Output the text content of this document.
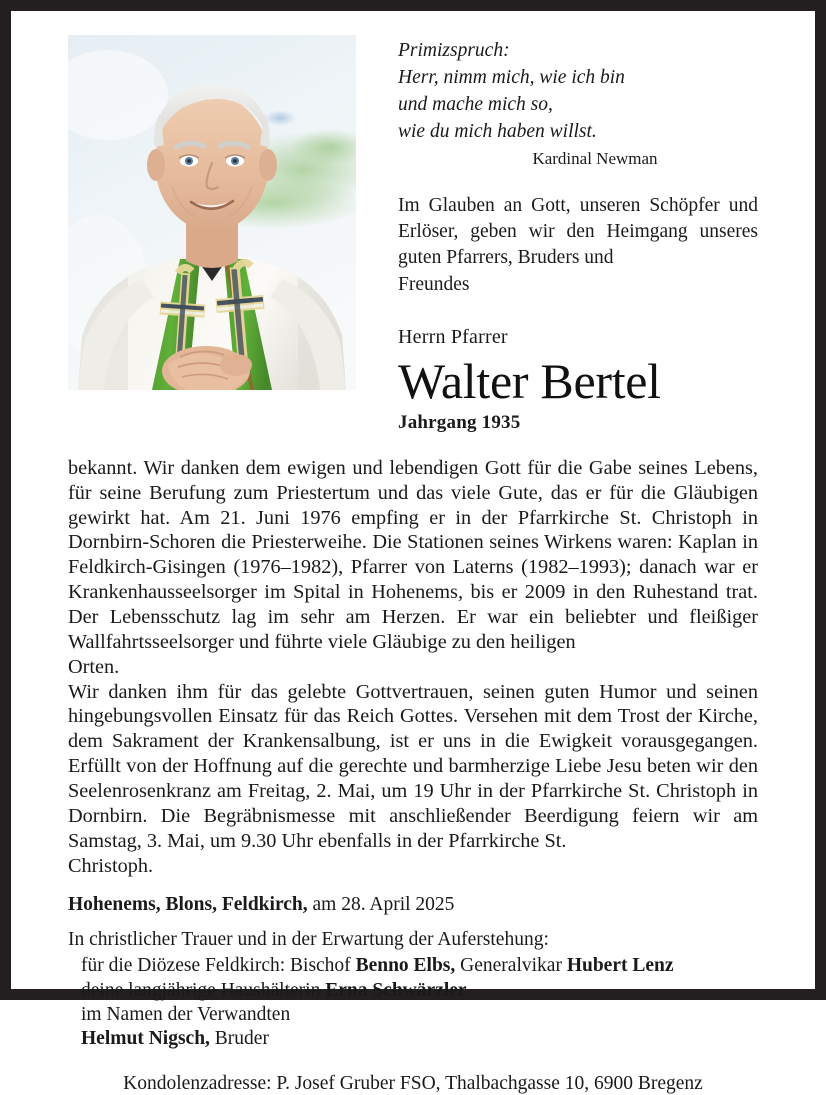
Primizspruch:
Herr, nimm mich, wie ich bin
und mache mich so,
wie du mich haben willst.
Kardinal Newman
Im Glauben an Gott, unseren Schöpfer und Erlöser, geben wir den Heimgang unseres guten Pfarrers, Bruders und
Freundes
Herrn Pfarrer
Walter Bertel
Jahrgang 1935
bekannt. Wir danken dem ewigen und lebendigen Gott für die Gabe seines Lebens, für seine Berufung zum Priestertum und das viele Gute, das er für die Gläubigen gewirkt hat. Am 21. Juni 1976 empfing er in der Pfarrkirche St. Christoph in Dornbirn-Schoren die Priesterweihe. Die Stationen seines Wirkens waren: Kaplan in Feldkirch-Gisingen (1976–1982), Pfarrer von Laterns (1982–1993); danach war er Krankenhausseelsorger im Spital in Hohenems, bis er 2009 in den Ruhestand trat. Der Lebensschutz lag im sehr am Herzen. Er war ein beliebter und fleißiger Wallfahrtsseelsorger und führte viele Gläubige zu den heiligen
Orten.
Wir danken ihm für das gelebte Gottvertrauen, seinen guten Humor und seinen hingebungsvollen Einsatz für das Reich Gottes. Versehen mit dem Trost der Kirche, dem Sakrament der Krankensalbung, ist er uns in die Ewigkeit vorausgegangen. Erfüllt von der Hoffnung auf die gerechte und barmherzige Liebe Jesu beten wir den Seelenrosenkranz am Freitag, 2. Mai, um 19 Uhr in der Pfarrkirche St. Christoph in Dornbirn. Die Begräbnismesse mit anschließender Beerdigung feiern wir am Samstag, 3. Mai, um 9.30 Uhr ebenfalls in der Pfarrkirche St.
Christoph.
Hohenems, Blons, Feldkirch, am 28. April 2025
In christlicher Trauer und in der Erwartung der Auferstehung:
für die Diözese Feldkirch: Bischof Benno Elbs, Generalvikar Hubert Lenz
deine langjährige Haushälterin Erna Schwärzler
im Namen der Verwandten
Helmut Nigsch, Bruder
Kondolenzadresse: P. Josef Gruber FSO, Thalbachgasse 10, 6900 Bregenz
